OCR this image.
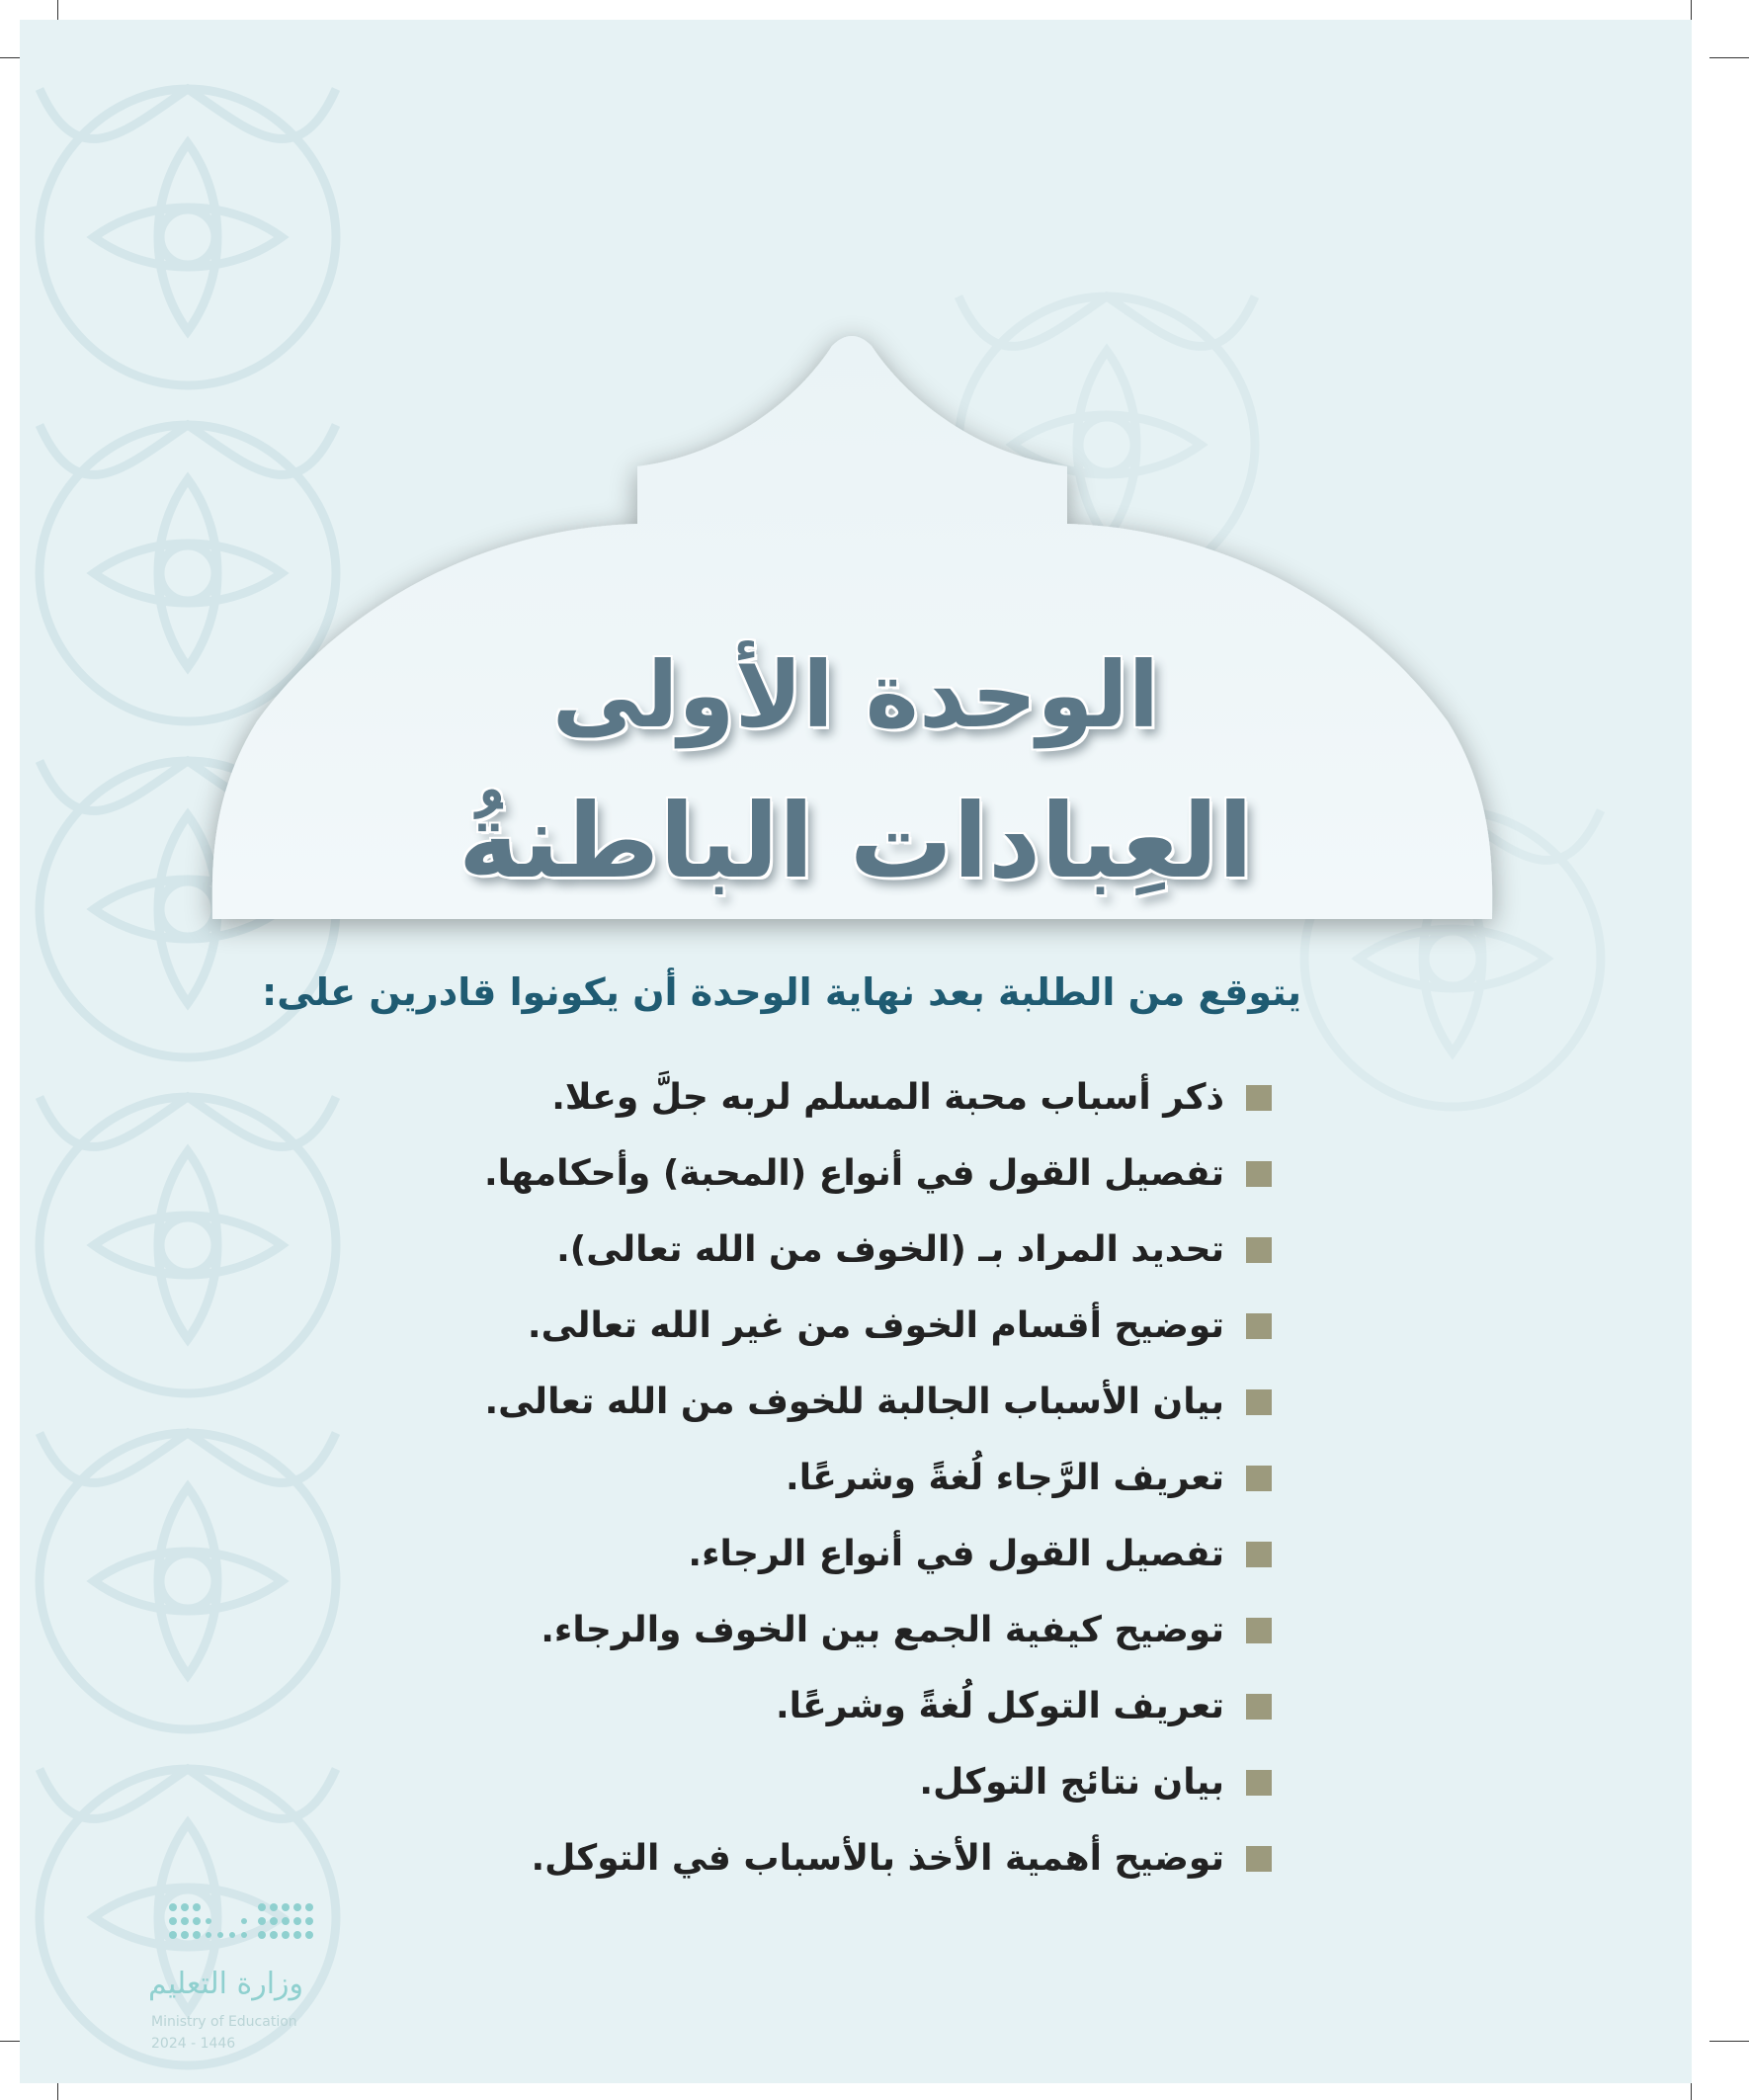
الوحدة الأولى
العِبادات الباطنةُ
يتوقع من الطلبة بعد نهاية الوحدة أن يكونوا قادرين على:
ذكر أسباب محبة المسلم لربه جلَّ وعلا.
تفصيل القول في أنواع (المحبة) وأحكامها.
تحديد المراد بـ (الخوف من الله تعالى).
توضيح أقسام الخوف من غير الله تعالى.
بيان الأسباب الجالبة للخوف من الله تعالى.
تعريف الرَّجاء لُغةً وشرعًا.
تفصيل القول في أنواع الرجاء.
توضيح كيفية الجمع بين الخوف والرجاء.
تعريف التوكل لُغةً وشرعًا.
بيان نتائج التوكل.
توضيح أهمية الأخذ بالأسباب في التوكل.
وزارة التعليم
Ministry of Education
2024 - 1446
